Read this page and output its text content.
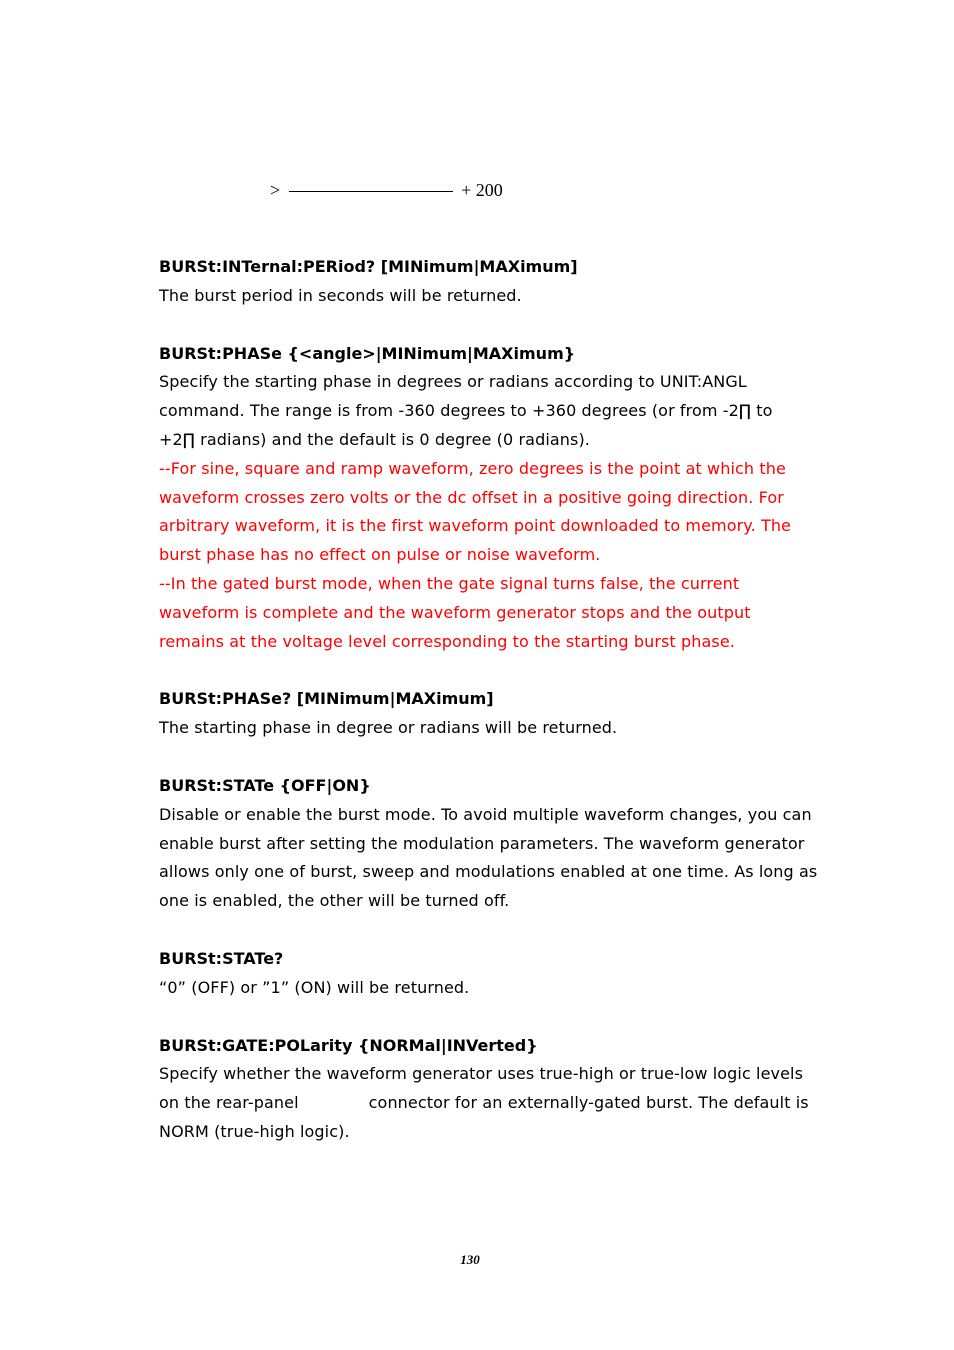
>	+ 200
BURSt:INTernal:PERiod? [MINimum|MAXimum]
The burst period in seconds will be returned.
BURSt:PHASe {<angle>|MINimum|MAXimum}
Specify the starting phase in degrees or radians according to UNIT:ANGL
command. The range is from -360 degrees to +360 degrees (or from -2∏ to
+2∏ radians) and the default is 0 degree (0 radians).
--For sine, square and ramp waveform, zero degrees is the point at which the
waveform crosses zero volts or the dc offset in a positive going direction. For
arbitrary waveform, it is the first waveform point downloaded to memory. The
burst phase has no effect on pulse or noise waveform.
--In the gated burst mode, when the gate signal turns false, the current
waveform is complete and the waveform generator stops and the output
remains at the voltage level corresponding to the starting burst phase.
BURSt:PHASe? [MINimum|MAXimum]
The starting phase in degree or radians will be returned.
BURSt:STATe {OFF|ON}
Disable or enable the burst mode. To avoid multiple waveform changes, you can
enable burst after setting the modulation parameters. The waveform generator
allows only one of burst, sweep and modulations enabled at one time. As long as
one is enabled, the other will be turned off.
BURSt:STATe?
“0” (OFF) or ”1” (ON) will be returned.
BURSt:GATE:POLarity {NORMal|INVerted}
Specify whether the waveform generator uses true-high or true-low logic levels
on the rear-panel	connector for an externally-gated burst. The default is
NORM (true-high logic).
130
